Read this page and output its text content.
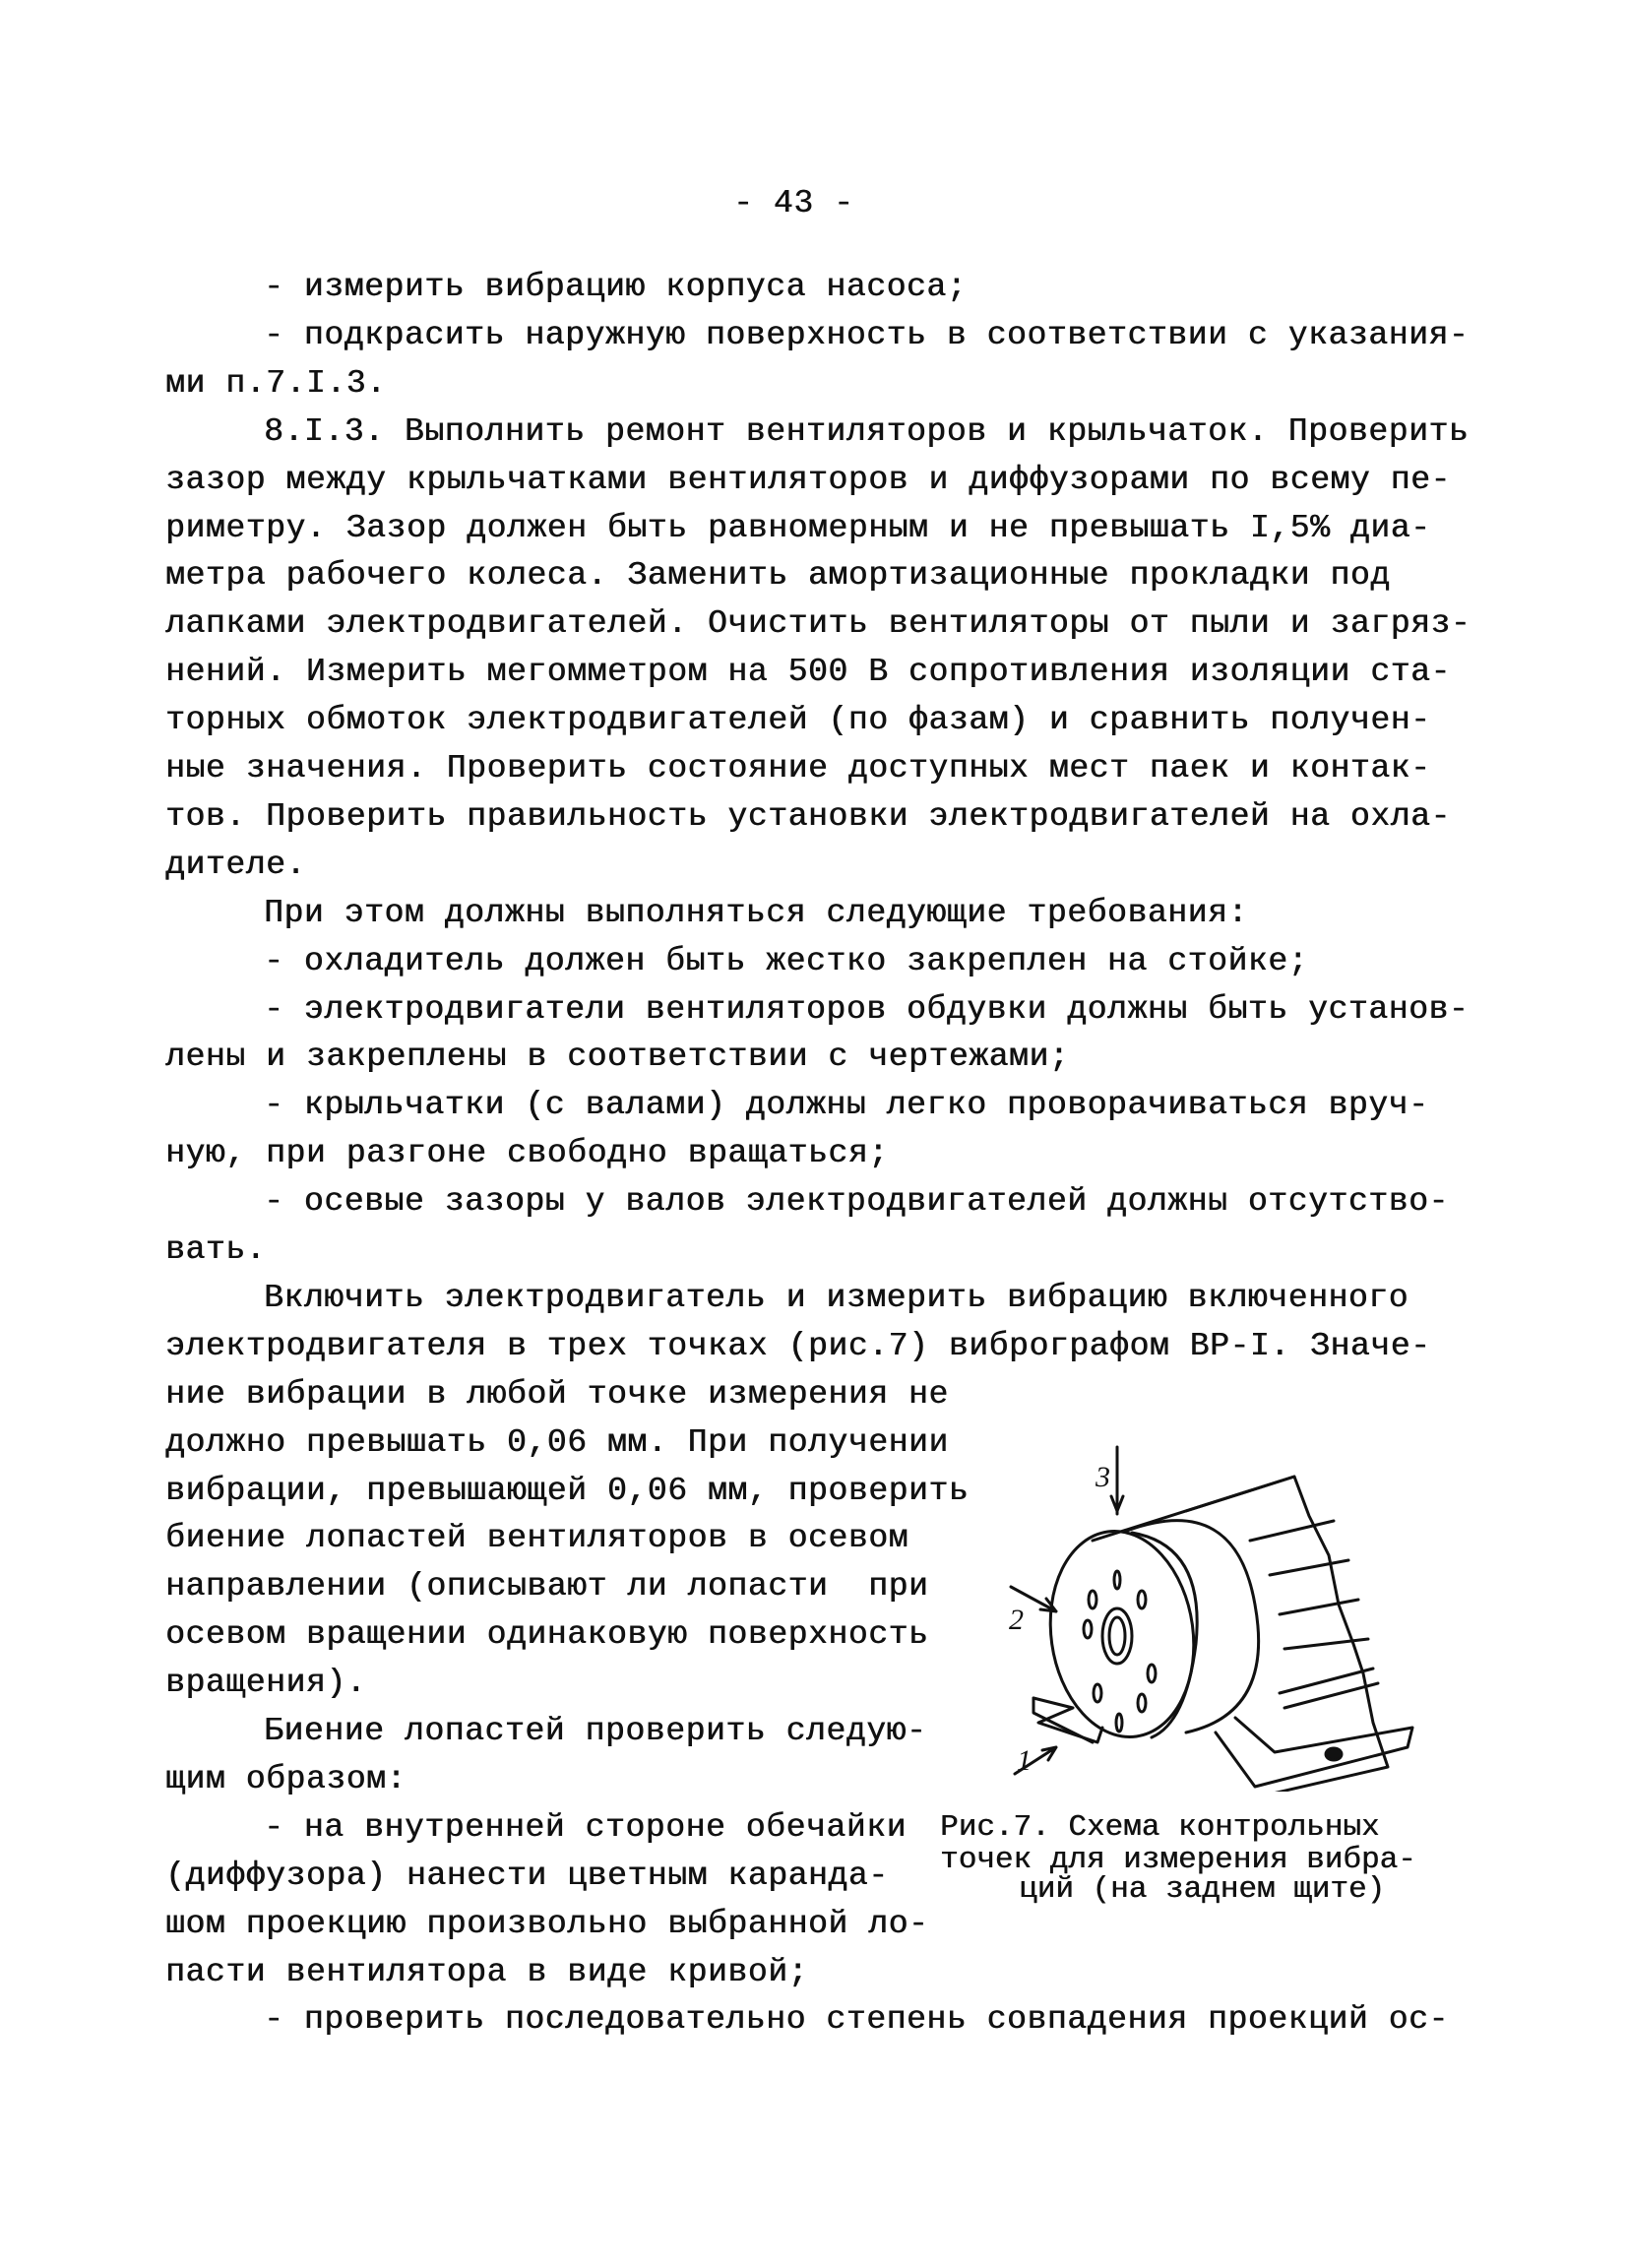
- 43 -
- измерить вибрацию корпуса насоса;
- подкрасить наружную поверхность в соответствии с указания-
ми п.7.I.3.
8.I.3. Выполнить ремонт вентиляторов и крыльчаток. Проверить
зазор между крыльчатками вентиляторов и диффузорами по всему пе-
риметру. Зазор должен быть равномерным и не превышать I,5% диа-
метра рабочего колеса. Заменить амортизационные прокладки под
лапками электродвигателей. Очистить вентиляторы от пыли и загряз-
нений. Измерить мегомметром на 500 В сопротивления изоляции ста-
торных обмоток электродвигателей (по фазам) и сравнить получен-
ные значения. Проверить состояние доступных мест паек и контак-
тов. Проверить правильность установки электродвигателей на охла-
дителе.
При этом должны выполняться следующие требования:
- охладитель должен быть жестко закреплен на стойке;
- электродвигатели вентиляторов обдувки должны быть установ-
лены и закреплены в соответствии с чертежами;
- крыльчатки (с валами) должны легко проворачиваться вруч-
ную, при разгоне свободно вращаться;
- осевые зазоры у валов электродвигателей должны отсутство-
вать.
Включить электродвигатель и измерить вибрацию включенного
электродвигателя в трех точках (рис.7) вибрографом ВР-I. Значе-
ние вибрации в любой точке измерения не
должно превышать 0,06 мм. При получении
вибрации, превышающей 0,06 мм, проверить
биение лопастей вентиляторов в осевом
направлении (описывают ли лопасти  при
осевом вращении одинаковую поверхность
вращения).
Биение лопастей проверить следую-
щим образом:
- на внутренней стороне обечайки
(диффузора) нанести цветным каранда-
шом проекцию произвольно выбранной ло-
пасти вентилятора в виде кривой;
- проверить последовательно степень совпадения проекций ос-
3
2
1
Рис.7. Схема контрольных
точек для измерения вибра-
ций (на заднем щите)
